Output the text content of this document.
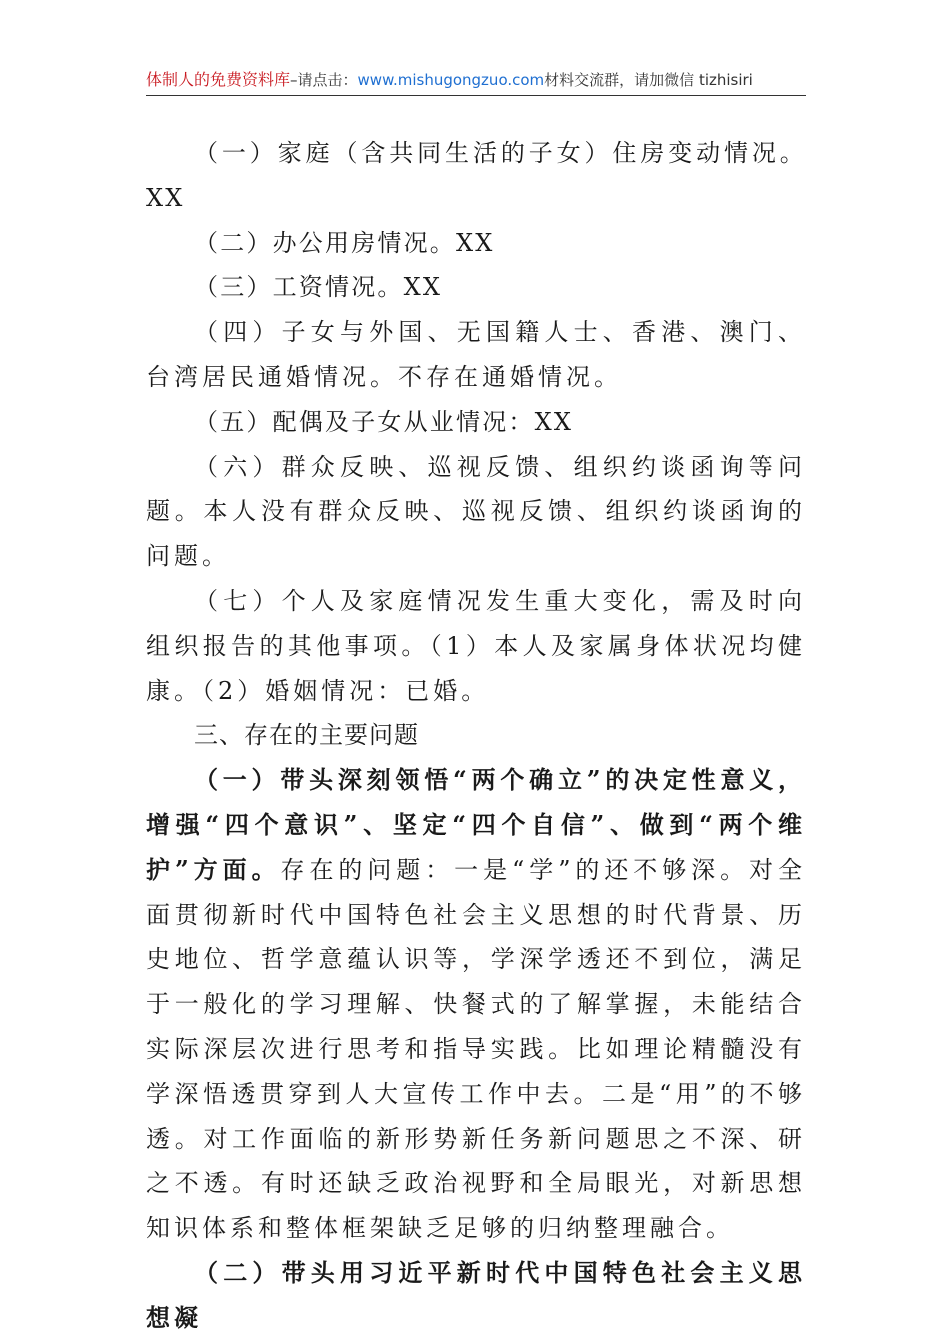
体制人的免费资料库–请点击：www.mishugongzuo.com材料交流群，请加微信 tizhisiri

（一）家庭（含共同生活的子女）住房变动情况。XX

（二）办公用房情况。XX

（三）工资情况。XX

（四）子女与外国、无国籍人士、香港、澳门、台湾居民通婚情况。不存在通婚情况。

（五）配偶及子女从业情况：XX

（六）群众反映、巡视反馈、组织约谈函询等问题。本人没有群众反映、巡视反馈、组织约谈函询的问题。

（七）个人及家庭情况发生重大变化，需及时向组织报告的其他事项。（1）本人及家属身体状况均健康。（2）婚姻情况：已婚。

三、存在的主要问题

（一）带头深刻领悟“两个确立”的决定性意义，增强“四个意识”、坚定“四个自信”、做到“两个维护”方面。存在的问题：一是“学”的还不够深。对全面贯彻新时代中国特色社会主义思想的时代背景、历史地位、哲学意蕴认识等，学深学透还不到位，满足于一般化的学习理解、快餐式的了解掌握，未能结合实际深层次进行思考和指导实践。比如理论精髓没有学深悟透贯穿到人大宣传工作中去。二是“用”的不够透。对工作面临的新形势新任务新问题思之不深、研之不透。有时还缺乏政治视野和全局眼光，对新思想知识体系和整体框架缺乏足够的归纳整理融合。

（二）带头用习近平新时代中国特色社会主义思想凝
